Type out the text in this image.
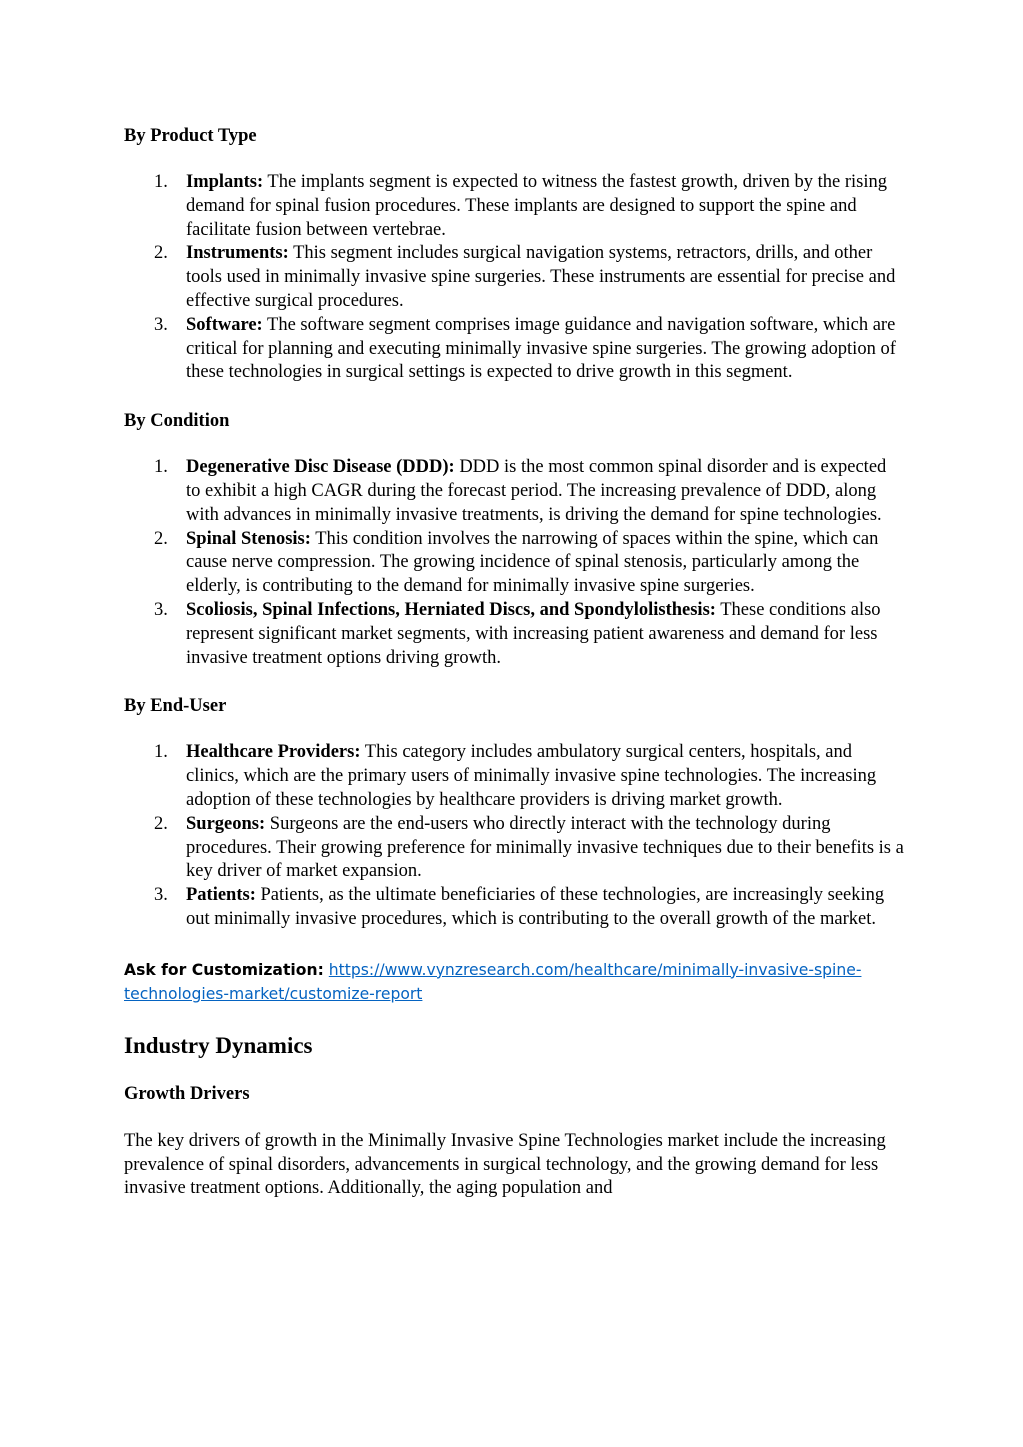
By Product Type
1. Implants: The implants segment is expected to witness the fastest growth, driven by the rising demand for spinal fusion procedures. These implants are designed to support the spine and facilitate fusion between vertebrae.
2. Instruments: This segment includes surgical navigation systems, retractors, drills, and other tools used in minimally invasive spine surgeries. These instruments are essential for precise and effective surgical procedures.
3. Software: The software segment comprises image guidance and navigation software, which are critical for planning and executing minimally invasive spine surgeries. The growing adoption of these technologies in surgical settings is expected to drive growth in this segment.
By Condition
1. Degenerative Disc Disease (DDD): DDD is the most common spinal disorder and is expected to exhibit a high CAGR during the forecast period. The increasing prevalence of DDD, along with advances in minimally invasive treatments, is driving the demand for spine technologies.
2. Spinal Stenosis: This condition involves the narrowing of spaces within the spine, which can cause nerve compression. The growing incidence of spinal stenosis, particularly among the elderly, is contributing to the demand for minimally invasive spine surgeries.
3. Scoliosis, Spinal Infections, Herniated Discs, and Spondylolisthesis: These conditions also represent significant market segments, with increasing patient awareness and demand for less invasive treatment options driving growth.
By End-User
1. Healthcare Providers: This category includes ambulatory surgical centers, hospitals, and clinics, which are the primary users of minimally invasive spine technologies. The increasing adoption of these technologies by healthcare providers is driving market growth.
2. Surgeons: Surgeons are the end-users who directly interact with the technology during procedures. Their growing preference for minimally invasive techniques due to their benefits is a key driver of market expansion.
3. Patients: Patients, as the ultimate beneficiaries of these technologies, are increasingly seeking out minimally invasive procedures, which is contributing to the overall growth of the market.

Ask for Customization: https://www.vynzresearch.com/healthcare/minimally-invasive-spine-technologies-market/customize-report

Industry Dynamics
Growth Drivers

The key drivers of growth in the Minimally Invasive Spine Technologies market include the increasing prevalence of spinal disorders, advancements in surgical technology, and the growing demand for less invasive treatment options. Additionally, the aging population and
